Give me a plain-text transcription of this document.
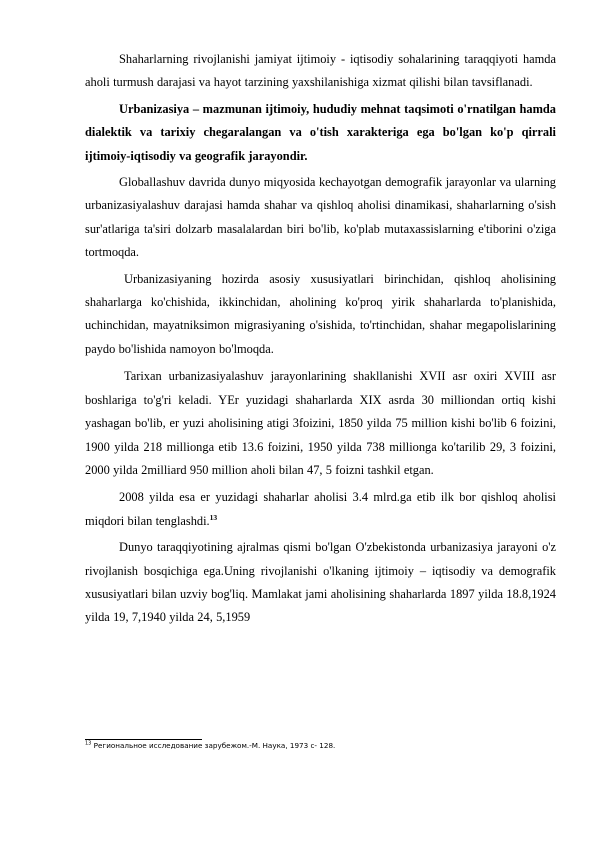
Shaharlarning rivojlanishi jamiyat ijtimoiy - iqtisodiy sohalarining taraqqiyoti hamda aholi turmush darajasi va hayot tarzining yaxshilanishiga xizmat qilishi bilan tavsiflanadi.

Urbanizasiya – mazmunan ijtimoiy, hududiy mehnat taqsimoti o'rnatilgan hamda dialektik va tarixiy chegaralangan va o'tish xarakteriga ega bo'lgan ko'p qirrali ijtimoiy-iqtisodiy va geografik jarayondir.

Globallashuv davrida dunyo miqyosida kechayotgan demografik jarayonlar va ularning urbanizasiyalashuv darajasi hamda shahar va qishloq aholisi dinamikasi, shaharlarning o'sish sur'atlariga ta'siri dolzarb masalalardan biri bo'lib, ko'plab mutaxassislarning e'tiborini o'ziga tortmoqda.

Urbanizasiyaning hozirda asosiy xususiyatlari birinchidan, qishloq aholisining shaharlarga ko'chishida, ikkinchidan, aholining ko'proq yirik shaharlarda to'planishida, uchinchidan, mayatniksimon migrasiyaning o'sishida, to'rtinchidan, shahar megapolislarining paydo bo'lishida namoyon bo'lmoqda.

Tarixan urbanizasiyalashuv jarayonlarining shakllanishi XVII asr oxiri XVIII asr boshlariga to'g'ri keladi. YEr yuzidagi shaharlarda XIX asrda 30 milliondan ortiq kishi yashagan bo'lib, er yuzi aholisining atigi 3foizini, 1850 yilda 75 million kishi bo'lib 6 foizini, 1900 yilda 218 millionga etib 13.6 foizini, 1950 yilda 738 millionga ko'tarilib 29, 3 foizini, 2000 yilda 2milliard 950 million aholi bilan 47, 5 foizni tashkil etgan.

2008 yilda esa er yuzidagi shaharlar aholisi 3.4 mlrd.ga etib ilk bor qishloq aholisi miqdori bilan tenglashdi.$^{13}$

Dunyo taraqqiyotining ajralmas qismi bo'lgan O'zbekistonda urbanizasiya jarayoni o'z rivojlanish bosqichiga ega.Uning rivojlanishi o'lkaning ijtimoiy – iqtisodiy va demografik xususiyatlari bilan uzviy bog'liq. Mamlakat jami aholisining shaharlarda 1897 yilda 18.8,1924 yilda 19, 7,1940 yilda 24, 5,1959

$^{13}$ Региональное исследование зарубежом.-М. Наука, 1973 с- 128.
